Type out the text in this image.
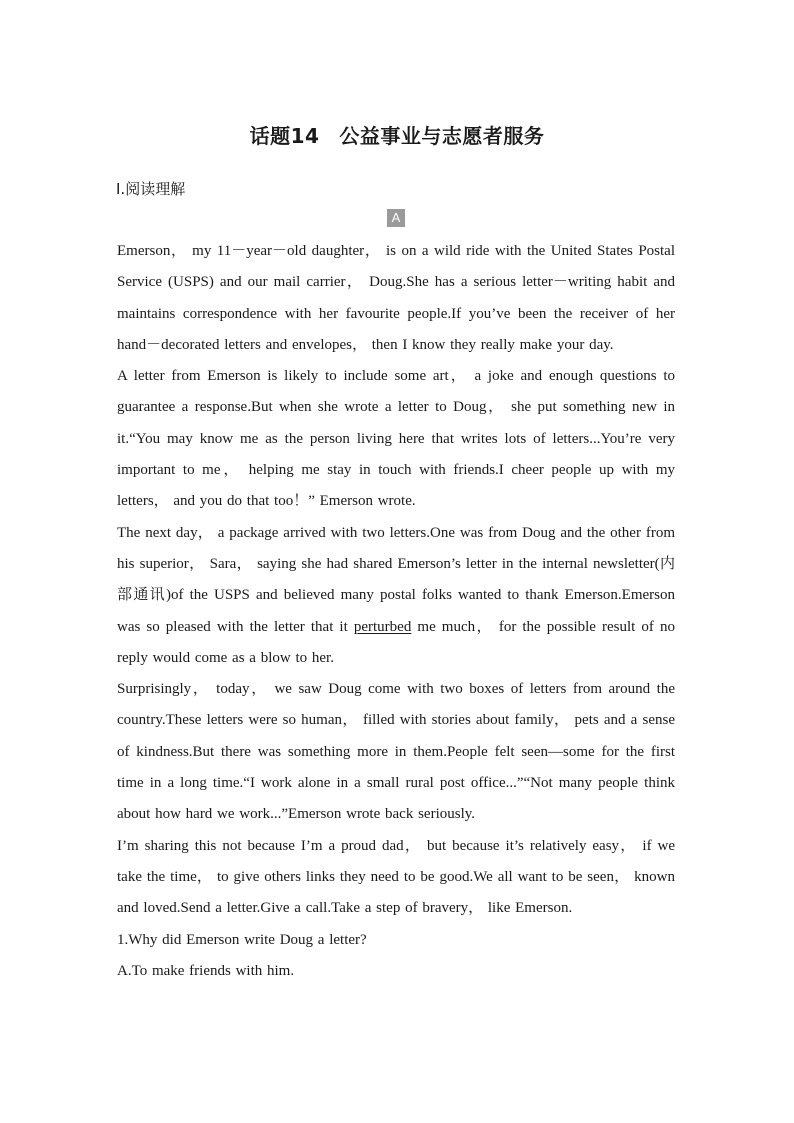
话题14 公益事业与志愿者服务
Ⅰ.阅读理解
A

Emerson， my 11－year－old daughter， is on a wild ride with the United States Postal Service (USPS) and our mail carrier， Doug.She has a serious letter－writing habit and maintains correspondence with her favourite people.If you’ve been the receiver of her hand－decorated letters and envelopes， then I know they really make your day.

A letter from Emerson is likely to include some art， a joke and enough questions to guarantee a response.But when she wrote a letter to Doug， she put something new in it.“You may know me as the person living here that writes lots of letters...You’re very important to me， helping me stay in touch with friends.I cheer people up with my letters， and you do that too！” Emerson wrote.

The next day， a package arrived with two letters.One was from Doug and the other from his superior， Sara， saying she had shared Emerson’s letter in the internal newsletter(内部通讯)of the USPS and believed many postal folks wanted to thank Emerson.Emerson was so pleased with the letter that it perturbed me much， for the possible result of no reply would come as a blow to her.

Surprisingly， today， we saw Doug come with two boxes of letters from around the country.These letters were so human， filled with stories about family， pets and a sense of kindness.But there was something more in them.People felt seen—some for the first time in a long time.“I work alone in a small rural post office...”“Not many people think about how hard we work...”Emerson wrote back seriously.

I’m sharing this not because I’m a proud dad， but because it’s relatively easy， if we take the time， to give others links they need to be good.We all want to be seen， known and loved.Send a letter.Give a call.Take a step of bravery， like Emerson.

1.Why did Emerson write Doug a letter?

A.To make friends with him.
